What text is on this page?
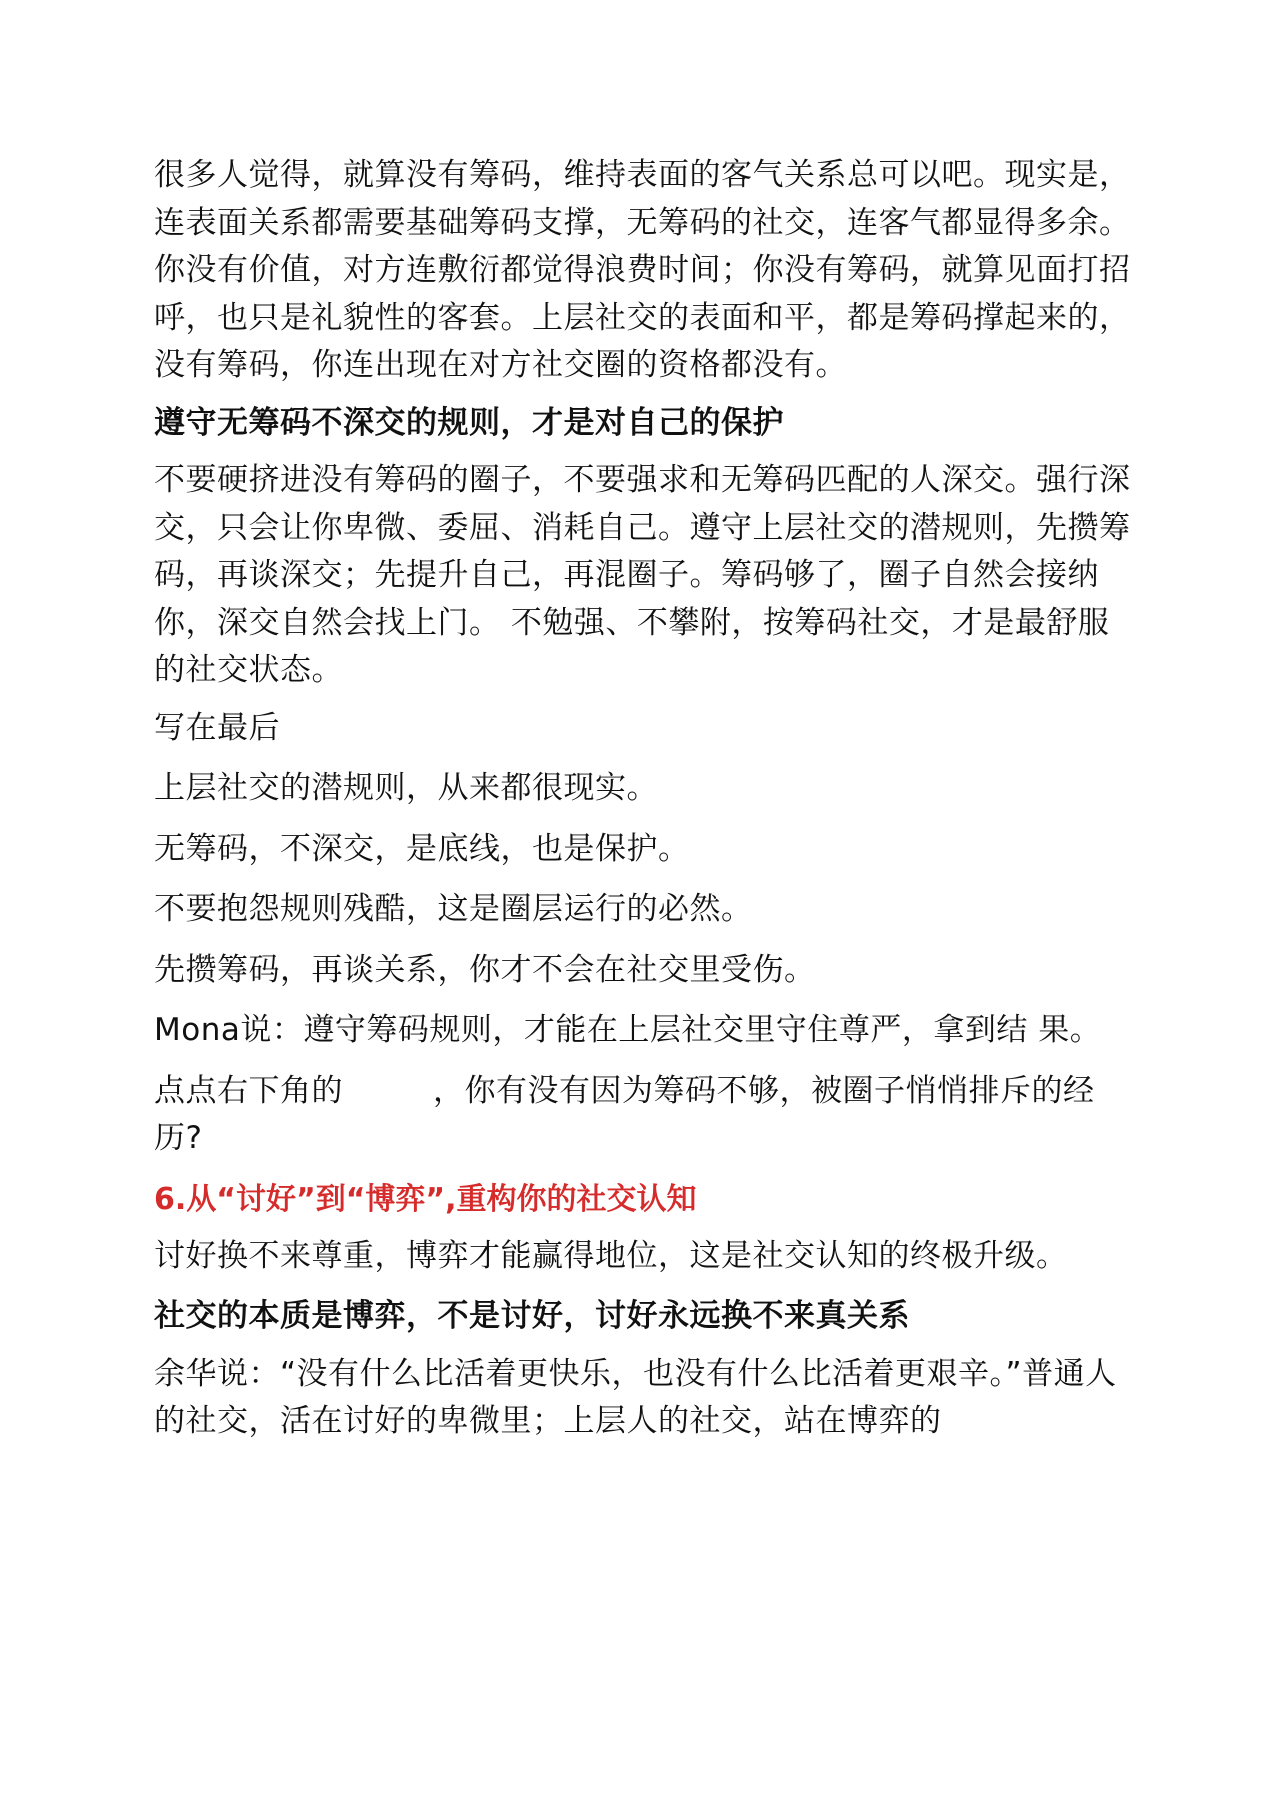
很多人觉得，就算没有筹码，维持表面的客气关系总可以吧。现实是，连表面关系都需要基础筹码支撑，无筹码的社交，连客气都显得多余。你没有价值，对方连敷衍都觉得浪费时间；你没有筹码，就算见面打招呼，也只是礼貌性的客套。上层社交的表面和平，都是筹码撑起来的，没有筹码，你连出现在对方社交圈的资格都没有。

遵守无筹码不深交的规则，才是对自己的保护

不要硬挤进没有筹码的圈子，不要强求和无筹码匹配的人深交。强行深交，只会让你卑微、委屈、消耗自己。遵守上层社交的潜规则，先攒筹码，再谈深交；先提升自己，再混圈子。筹码够了，圈子自然会接纳你，深交自然会找上门。 不勉强、不攀附，按筹码社交，才是最舒服的社交状态。

写在最后

上层社交的潜规则，从来都很现实。

无筹码，不深交，是底线，也是保护。

不要抱怨规则残酷，这是圈层运行的必然。

先攒筹码，再谈关系，你才不会在社交里受伤。

Mona说：遵守筹码规则，才能在上层社交里守住尊严，拿到结 果。

点点右下角的	，你有没有因为筹码不够，被圈子悄悄排斥的经历?

6.从“讨好”到“博弈”,重构你的社交认知

讨好换不来尊重，博弈才能赢得地位，这是社交认知的终极升级。

社交的本质是博弈，不是讨好，讨好永远换不来真关系

余华说：“没有什么比活着更快乐，也没有什么比活着更艰辛。”普通人的社交，活在讨好的卑微里；上层人的社交，站在博弈的
